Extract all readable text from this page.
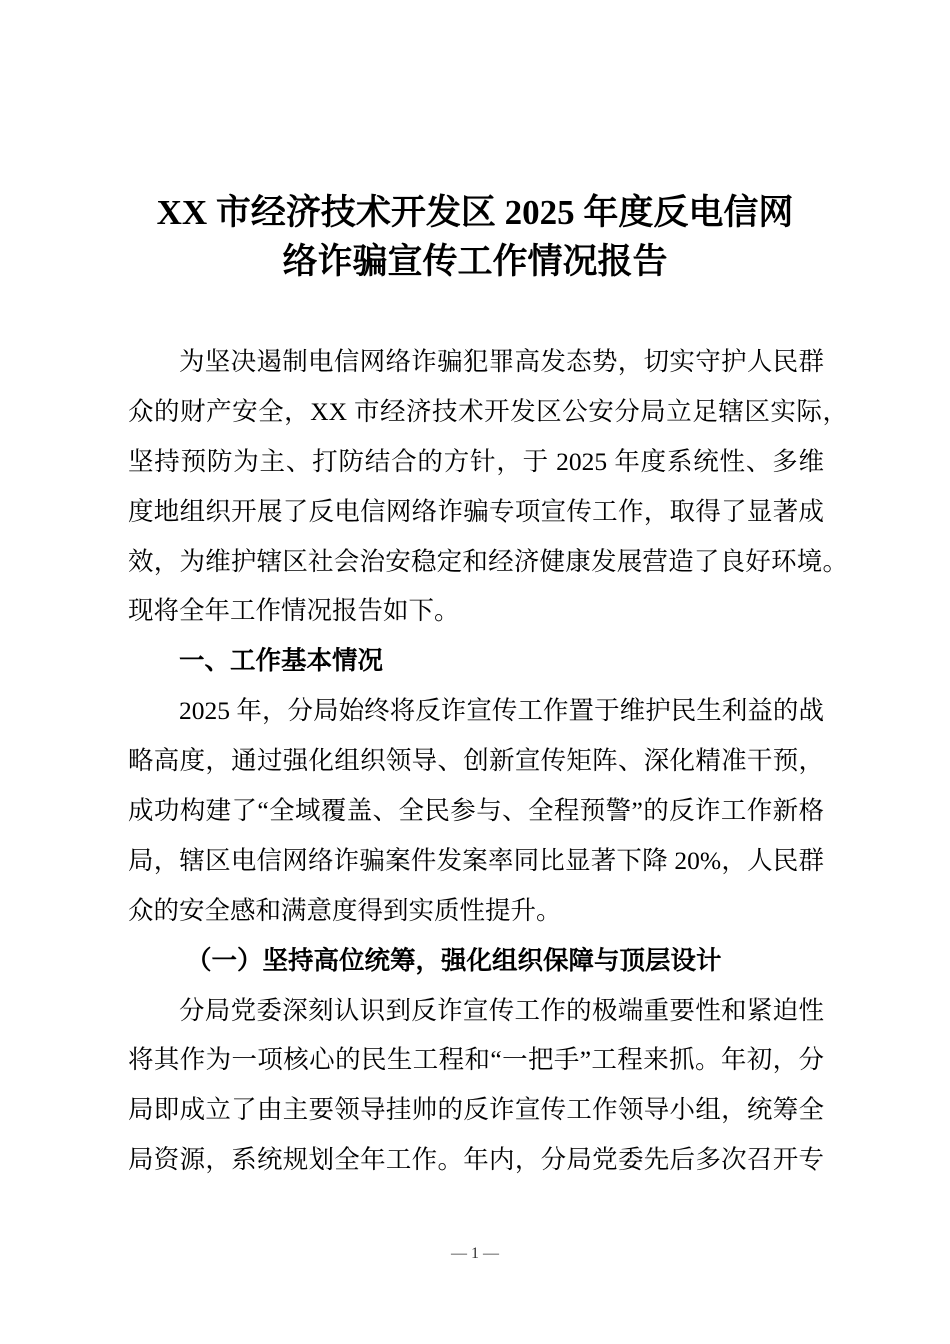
XX 市经济技术开发区 2025 年度反电信网
络诈骗宣传工作情况报告
为坚决遏制电信网络诈骗犯罪高发态势，切实守护人民群
众的财产安全，XX 市经济技术开发区公安分局立足辖区实际，
坚持预防为主、打防结合的方针，于 2025 年度系统性、多维
度地组织开展了反电信网络诈骗专项宣传工作，取得了显著成
效，为维护辖区社会治安稳定和经济健康发展营造了良好环境。
现将全年工作情况报告如下。
一、工作基本情况
2025 年，分局始终将反诈宣传工作置于维护民生利益的战
略高度，通过强化组织领导、创新宣传矩阵、深化精准干预，
成功构建了“全域覆盖、全民参与、全程预警”的反诈工作新格
局，辖区电信网络诈骗案件发案率同比显著下降 20%，人民群
众的安全感和满意度得到实质性提升。
（一）坚持高位统筹，强化组织保障与顶层设计
分局党委深刻认识到反诈宣传工作的极端重要性和紧迫性
将其作为一项核心的民生工程和“一把手”工程来抓。年初，分
局即成立了由主要领导挂帅的反诈宣传工作领导小组，统筹全
局资源，系统规划全年工作。年内，分局党委先后多次召开专
— 1 —
